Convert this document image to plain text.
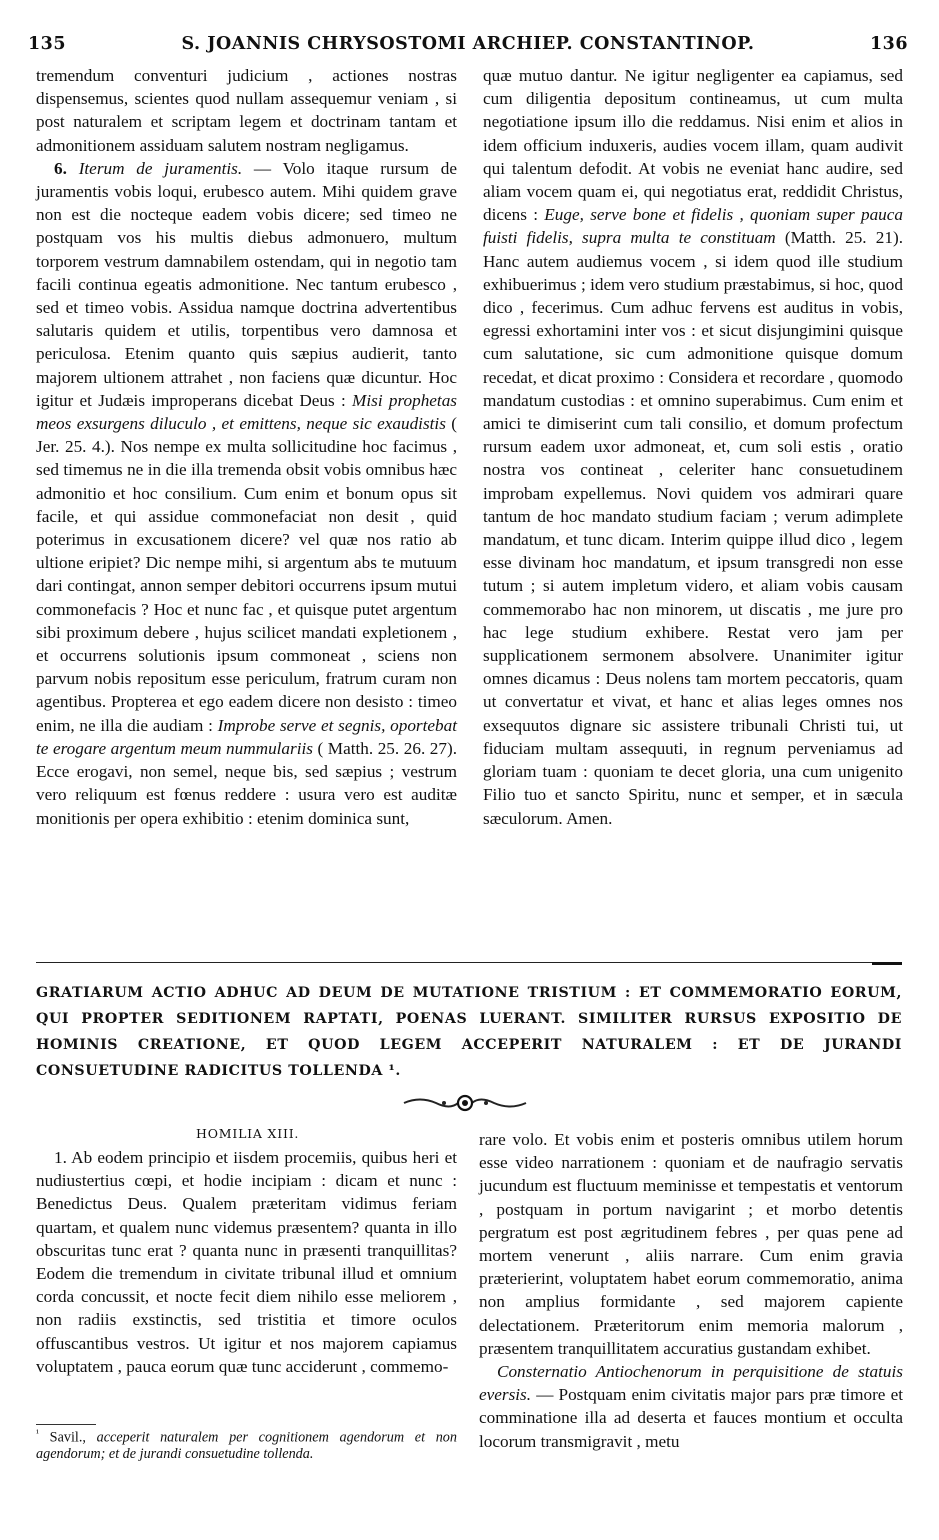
135	S. JOANNIS CHRYSOSTOMI ARCHIEP. CONSTANTINOP.	136

tremendum conventuri judicium , actiones nostras dispensemus, scientes quod nullam assequemur veniam , si post naturalem et scriptam legem et doctrinam tantam et admonitionem assiduam salutem nostram negligamus.

6. Iterum de juramentis. — Volo itaque rursum de juramentis vobis loqui, erubesco autem. Mihi quidem grave non est die nocteque eadem vobis dicere; sed timeo ne postquam vos his multis diebus admonuero, multum torporem vestrum damnabilem ostendam, qui in negotio tam facili continua egeatis admonitione. Nec tantum erubesco , sed et timeo vobis. Assidua namque doctrina advertentibus salutaris quidem et utilis, torpentibus vero damnosa et periculosa. Etenim quanto quis sæpius audierit, tanto majorem ultionem attrahet , non faciens quæ dicuntur. Hoc igitur et Judæis improperans dicebat Deus : Misi prophetas meos exsurgens diluculo , et emittens, neque sic exaudistis ( Jer. 25. 4.). Nos nempe ex multa sollicitudine hoc facimus , sed timemus ne in die illa tremenda obsit vobis omnibus hæc admonitio et hoc consilium. Cum enim et bonum opus sit facile, et qui assidue commonefaciat non desit , quid poterimus in excusationem dicere? vel quæ nos ratio ab ultione eripiet? Dic nempe mihi, si argentum abs te mutuum dari contingat, annon semper debitori occurrens ipsum mutui commonefacis ? Hoc et nunc fac , et quisque putet argentum sibi proximum debere , hujus scilicet mandati expletionem , et occurrens solutionis ipsum commoneat , sciens non parvum nobis repositum esse periculum, fratrum curam non agentibus. Propterea et ego eadem dicere non desisto : timeo enim, ne illa die audiam : Improbe serve et segnis, oportebat te erogare argentum meum nummulariis ( Matth. 25. 26. 27). Ecce erogavi, non semel, neque bis, sed sæpius ; vestrum vero reliquum est fœnus reddere : usura vero est auditæ monitionis per opera exhibitio : etenim dominica sunt,

quæ mutuo dantur. Ne igitur negligenter ea capiamus, sed cum diligentia depositum contineamus, ut cum multa negotiatione ipsum illo die reddamus. Nisi enim et alios in idem officium induxeris, audies vocem illam, quam audivit qui talentum defodit. At vobis ne eveniat hanc audire, sed aliam vocem quam ei, qui negotiatus erat, reddidit Christus, dicens : Euge, serve bone et fidelis , quoniam super pauca fuisti fidelis, supra multa te constituam (Matth. 25. 21). Hanc autem audiemus vocem , si idem quod ille studium exhibuerimus ; idem vero studium præstabimus, si hoc, quod dico , fecerimus. Cum adhuc fervens est auditus in vobis, egressi exhortamini inter vos : et sicut disjungimini quisque cum salutatione, sic cum admonitione quisque domum recedat, et dicat proximo : Considera et recordare , quomodo mandatum custodias : et omnino superabimus. Cum enim et amici te dimiserint cum tali consilio, et domum profectum rursum eadem uxor admoneat, et, cum soli estis , oratio nostra vos contineat , celeriter hanc consuetudinem improbam expellemus. Novi quidem vos admirari quare tantum de hoc mandato studium faciam ; verum adimplete mandatum, et tunc dicam. Interim quippe illud dico , legem esse divinam hoc mandatum, et ipsum transgredi non esse tutum ; si autem impletum videro, et aliam vobis causam commemorabo hac non minorem, ut discatis , me jure pro hac lege studium exhibere. Restat vero jam per supplicationem sermonem absolvere. Unanimiter igitur omnes dicamus : Deus nolens tam mortem peccatoris, quam ut convertatur et vivat, et hanc et alias leges omnes nos exsequutos dignare sic assistere tribunali Christi tui, ut fiduciam multam assequuti, in regnum perveniamus ad gloriam tuam : quoniam te decet gloria, una cum unigenito Filio tuo et sancto Spiritu, nunc et semper, et in sæcula sæculorum. Amen.

GRATIARUM ACTIO ADHUC AD DEUM DE MUTATIONE TRISTIUM : ET COMMEMORATIO EORUM, QUI PROPTER SEDITIONEM RAPTATI, POENAS LUERANT. SIMILITER RURSUS EXPOSITIO DE HOMINIS CREATIONE, ET QUOD LEGEM ACCEPERIT NATURALEM : ET DE JURANDI CONSUETUDINE RADICITUS TOLLENDA ¹.
HOMILIA XIII.

1. Ab eodem principio et iisdem procemiis, quibus heri et nudiustertius cœpi, et hodie incipiam : dicam et nunc : Benedictus Deus. Qualem præteritam vidimus feriam quartam, et qualem nunc videmus præsentem? quanta in illo obscuritas tunc erat ? quanta nunc in præsenti tranquillitas? Eodem die tremendum in civitate tribunal illud et omnium corda concussit, et nocte fecit diem nihilo esse meliorem , non radiis exstinctis, sed tristitia et timore oculos offuscantibus vestros. Ut igitur et nos majorem capiamus voluptatem , pauca eorum quæ tunc acciderunt , commemo-

rare volo. Et vobis enim et posteris omnibus utilem horum esse video narrationem : quoniam et de naufragio servatis jucundum est fluctuum meminisse et tempestatis et ventorum , postquam in portum navigarint ; et morbo detentis pergratum est post ægritudinem febres , per quas pene ad mortem venerunt , aliis narrare. Cum enim gravia præterierint, voluptatem habet eorum commemoratio, anima non amplius formidante , sed majorem capiente delectationem. Præteritorum enim memoria malorum , præsentem tranquillitatem accuratius gustandam exhibet.

Consternatio Antiochenorum in perquisitione de statuis eversis. — Postquam enim civitatis major pars præ timore et comminatione illa ad deserta et fauces montium et occulta locorum transmigravit , metu

$^{^1}$ Savil., acceperit naturalem per cognitionem agendorum et non agendorum; et de jurandi consuetudine tollenda.
